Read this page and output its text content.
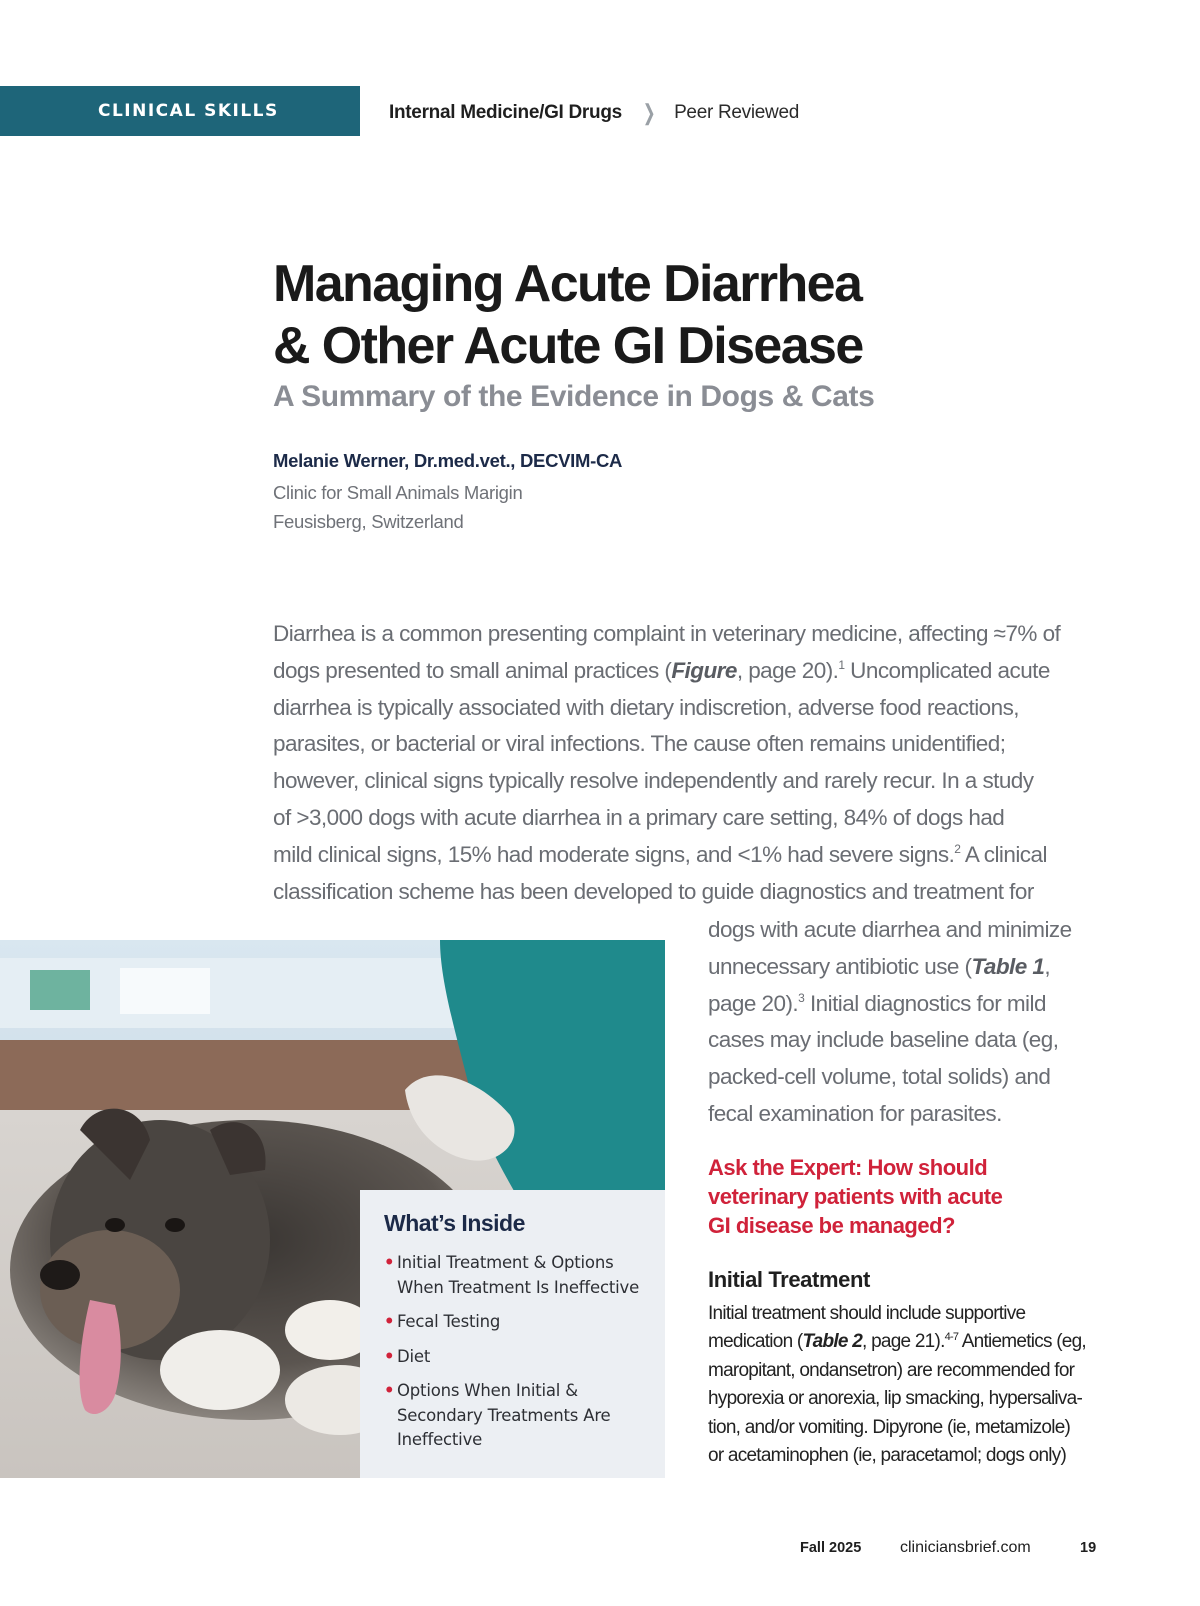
CLINICAL SKILLS	Internal Medicine/GI Drugs ❯ Peer Reviewed
Managing Acute Diarrhea
& Other Acute GI Disease
A Summary of the Evidence in Dogs & Cats
Melanie Werner, Dr.med.vet., DECVIM-CA
Clinic for Small Animals Marigin
Feusisberg, Switzerland
Diarrhea is a common presenting complaint in veterinary medicine, affecting ≈7% of
dogs presented to small animal practices (Figure, page 20).$^1$ Uncomplicated acute
diarrhea is typically associated with dietary indiscretion, adverse food reactions,
parasites, or bacterial or viral infections. The cause often remains unidentified;
however, clinical signs typically resolve independently and rarely recur. In a study
of >3,000 dogs with acute diarrhea in a primary care setting, 84% of dogs had
mild clinical signs, 15% had moderate signs, and <1% had severe signs.$^2$ A clinical
classification scheme has been developed to guide diagnostics and treatment for
dogs with acute diarrhea and minimize
unnecessary antibiotic use (Table 1,
page 20).$^3$ Initial diagnostics for mild
cases may include baseline data (eg,
packed-cell volume, total solids) and
fecal examination for parasites.
Ask the Expert: How should
veterinary patients with acute
GI disease be managed?
Initial Treatment
Initial treatment should include supportive
medication (Table 2, page 21).$^{4-7}$ Antiemetics (eg,
maropitant, ondansetron) are recommended for
hyporexia or anorexia, lip smacking, hypersaliva-
tion, and/or vomiting. Dipyrone (ie, metamizole)
or acetaminophen (ie, paracetamol; dogs only)
What’s Inside
• Initial Treatment & Options When Treatment Is Ineffective
• Fecal Testing
• Diet
• Options When Initial & Secondary Treatments Are Ineffective
Fall 2025 cliniciansbrief.com	19
